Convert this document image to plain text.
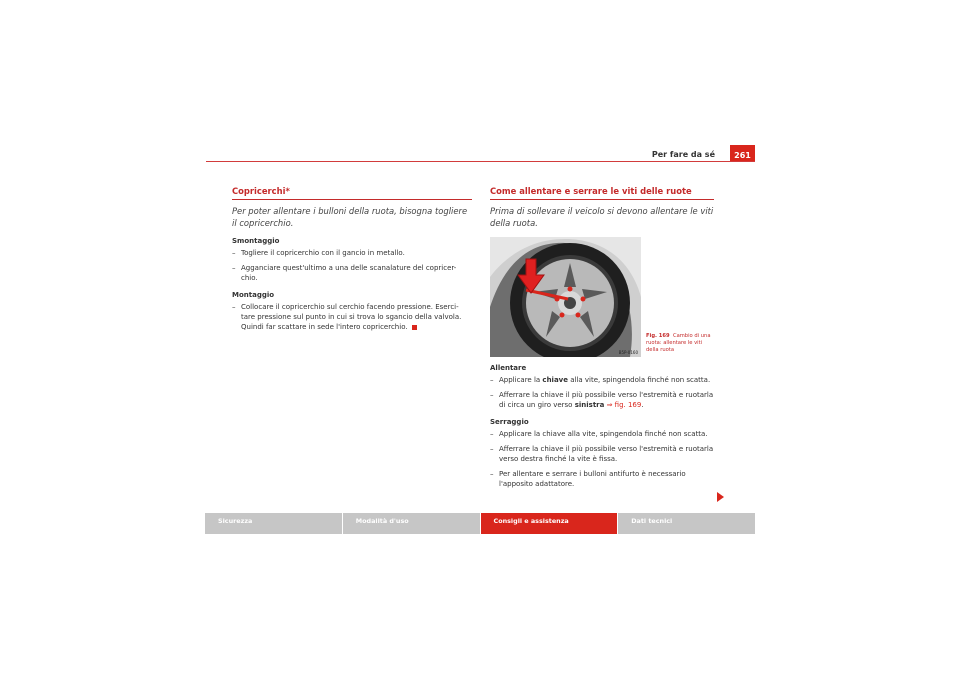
Per fare da sé	261
Copricerchi*

Per poter allentare i bulloni della ruota, bisogna togliere il copricerchio.

Smontaggio

– Togliere il copricerchio con il gancio in metallo.

– Agganciare quest'ultimo a una delle scanalature del copricer-chio.

Montaggio

– Collocare il copricerchio sul cerchio facendo pressione. Eserci-tare pressione sul punto in cui si trova lo sgancio della valvola. Quindi far scattare in sede l'intero copricerchio.

Come allentare e serrare le viti delle ruote

Prima di sollevare il veicolo si devono allentare le viti della ruota.

B5P-0160
Fig. 169 Cambio di una ruota: allentare le viti della ruota

Allentare

– Applicare la chiave alla vite, spingendola finché non scatta.

– Afferrare la chiave il più possibile verso l'estremità e ruotarla di circa un giro verso sinistra ⇒ fig. 169.

Serraggio

– Applicare la chiave alla vite, spingendola finché non scatta.

– Afferrare la chiave il più possibile verso l'estremità e ruotarla verso destra finché la vite è fissa.

– Per allentare e serrare i bulloni antifurto è necessario l'apposito adattatore.

Sicurezza	Modalità d'uso	Consigli e assistenza	Dati tecnici
